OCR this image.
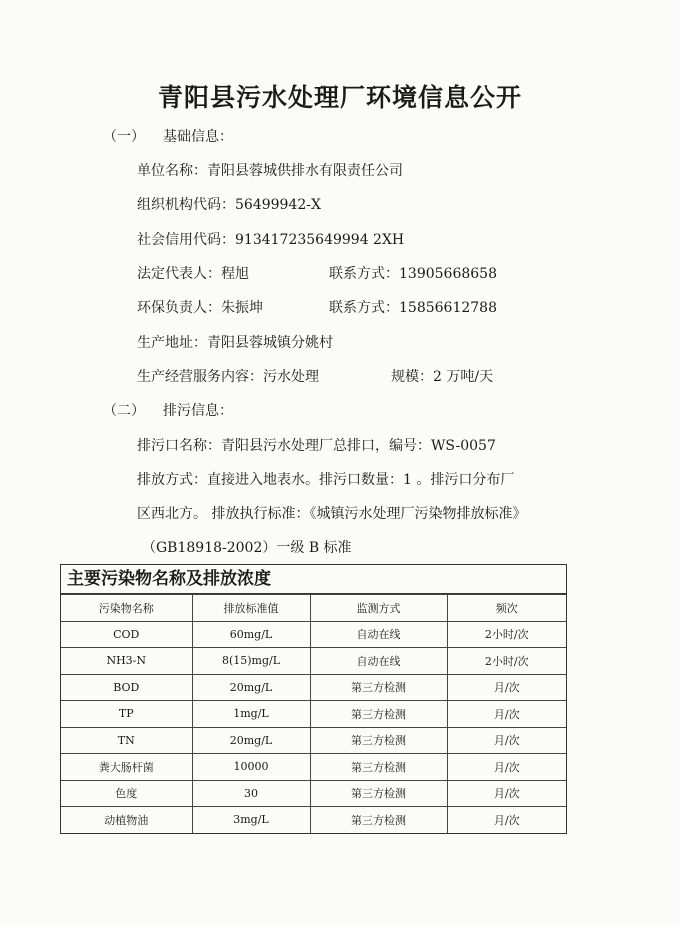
青阳县污水处理厂环境信息公开
（一） 基础信息：
单位名称：青阳县蓉城供排水有限责任公司
组织机构代码：56499942-X
社会信用代码：913417235649994 2XH
法定代表人：程旭	联系方式：13905668658
环保负责人：朱振坤	联系方式：15856612788
生产地址：青阳县蓉城镇分姚村
生产经营服务内容：污水处理	规模：2 万吨/天
（二） 排污信息：
排污口名称：青阳县污水处理厂总排口，编号：WS-0057
排放方式：直接进入地表水。排污口数量：1 。排污口分布厂
区西北方。 排放执行标准：《城镇污水处理厂污染物排放标准》
（GB18918-2002）一级 B 标准
主要污染物名称及排放浓度
污染物名称	排放标准值	监测方式	频次
COD	60mg/L	自动在线	2小时/次
NH3-N	8(15)mg/L	自动在线	2小时/次
BOD	20mg/L	第三方检测	月/次
TP	1mg/L	第三方检测	月/次
TN	20mg/L	第三方检测	月/次
粪大肠杆菌	10000	第三方检测	月/次
色度	30	第三方检测	月/次
动植物油	3mg/L	第三方检测	月/次
